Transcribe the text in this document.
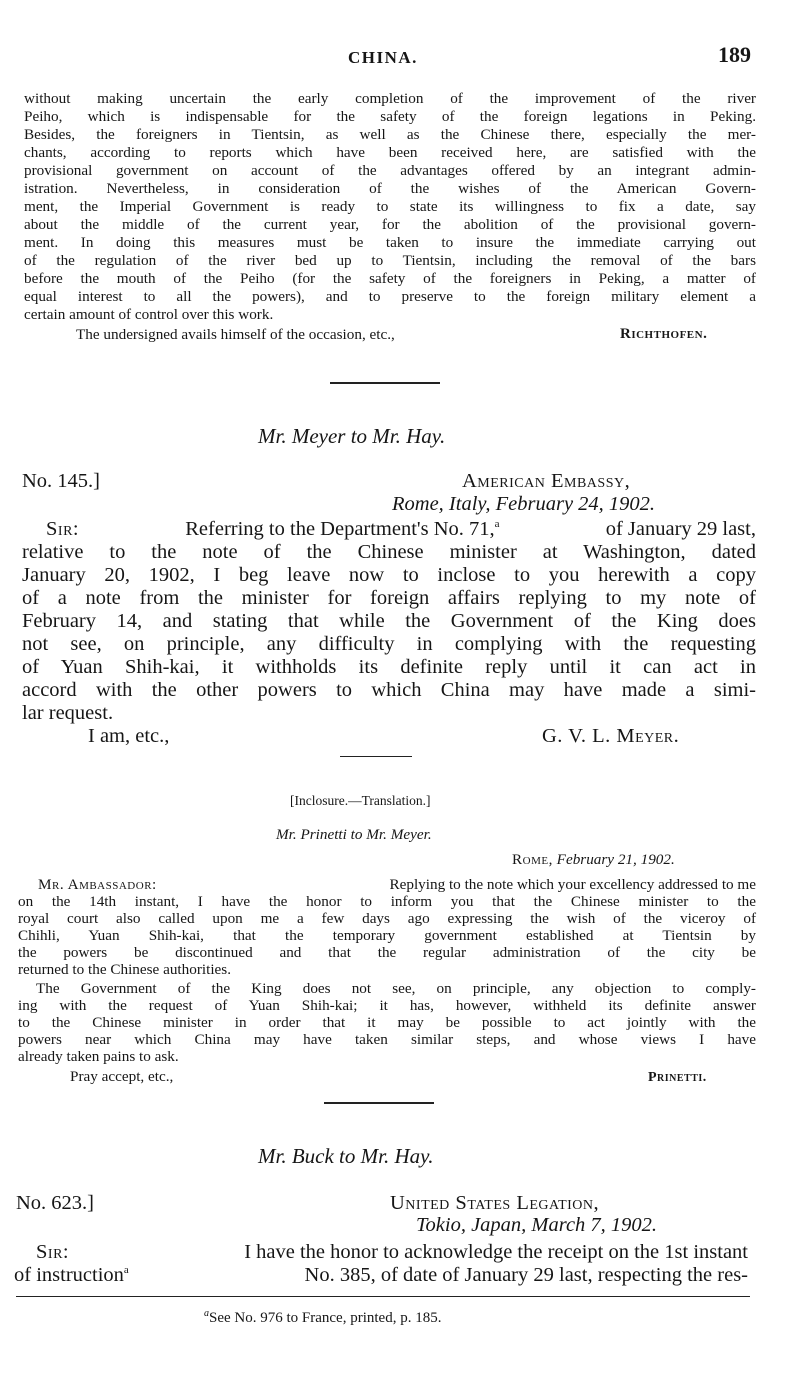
CHINA.	189
without making uncertain the early completion of the improvement of the river
Peiho, which is indispensable for the safety of the foreign legations in Peking.
Besides, the foreigners in Tientsin, as well as the Chinese there, especially the mer-
chants, according to reports which have been received here, are satisfied with the
provisional government on account of the advantages offered by an integrant admin-
istration. Nevertheless, in consideration of the wishes of the American Govern-
ment, the Imperial Government is ready to state its willingness to fix a date, say
about the middle of the current year, for the abolition of the provisional govern-
ment. In doing this measures must be taken to insure the immediate carrying out
of the regulation of the river bed up to Tientsin, including the removal of the bars
before the mouth of the Peiho (for the safety of the foreigners in Peking, a matter of
equal interest to all the powers), and to preserve to the foreign military element a
certain amount of control over this work.
The undersigned avails himself of the occasion, etc.,	Richthofen.
Mr. Meyer to Mr. Hay.
No. 145.]	American Embassy,
Rome, Italy, February 24, 1902.
Sir:	Referring to the Department's No. 71,$^a$	of January 29 last,
relative to the note of the Chinese minister at Washington, dated
January 20, 1902, I beg leave now to inclose to you herewith a copy
of a note from the minister for foreign affairs replying to my note of
February 14, and stating that while the Government of the King does
not see, on principle, any difficulty in complying with the requesting
of Yuan Shih-kai, it withholds its definite reply until it can act in
accord with the other powers to which China may have made a simi-
lar request.
I am, etc.,	G. V. L. Meyer.
[Inclosure.—Translation.]
Mr. Prinetti to Mr. Meyer.
Rome, February 21, 1902.
Mr. Ambassador:	Replying to the note which your excellency addressed to me
on the 14th instant, I have the honor to inform you that the Chinese minister to the
royal court also called upon me a few days ago expressing the wish of the viceroy of
Chihli, Yuan Shih-kai, that the temporary government established at Tientsin by
the powers be discontinued and that the regular administration of the city be
returned to the Chinese authorities.
The Government of the King does not see, on principle, any objection to comply-
ing with the request of Yuan Shih-kai; it has, however, withheld its definite answer
to the Chinese minister in order that it may be possible to act jointly with the
powers near which China may have taken similar steps, and whose views I have
already taken pains to ask.
Pray accept, etc.,	Prinetti.
Mr. Buck to Mr. Hay.
No. 623.]	United States Legation,
Tokio, Japan, March 7, 1902.
Sir:	I have the honor to acknowledge the receipt on the 1st instant
of instruction$^a$	No. 385, of date of January 29 last, respecting the res-
$^a$See No. 976 to France, printed, p. 185.
